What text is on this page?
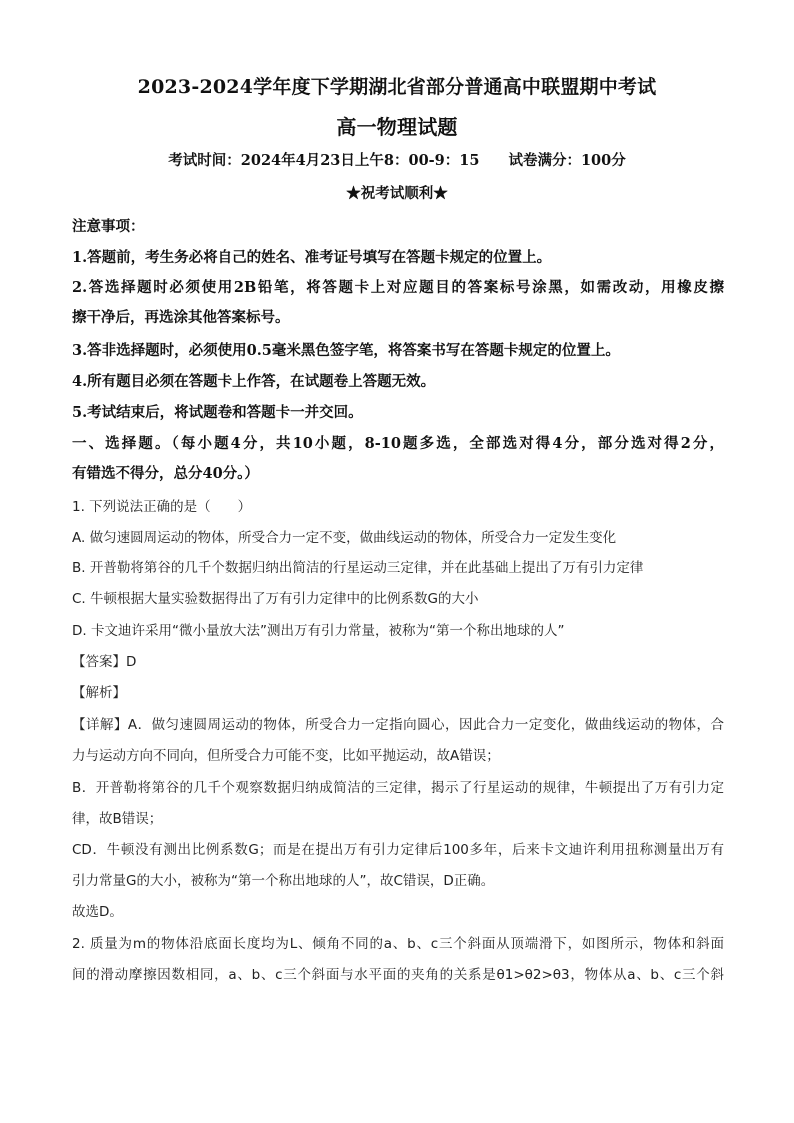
2023-2024学年度下学期湖北省部分普通高中联盟期中考试
高一物理试题
考试时间：2024年4月23日上午8：00-9：15　　试卷满分：100分
★祝考试顺利★
注意事项：
1.答题前，考生务必将自己的姓名、准考证号填写在答题卡规定的位置上。
2.答选择题时必须使用2B铅笔，将答题卡上对应题目的答案标号涂黑，如需改动，用橡皮擦
擦干净后，再选涂其他答案标号。
3.答非选择题时，必须使用0.5毫米黑色签字笔，将答案书写在答题卡规定的位置上。
4.所有题目必须在答题卡上作答，在试题卷上答题无效。
5.考试结束后，将试题卷和答题卡一并交回。
一、选择题。（每小题4分，共10小题，8-10题多选，全部选对得4分，部分选对得2分，
有错选不得分，总分40分。）
1. 下列说法正确的是（　　）
A. 做匀速圆周运动的物体，所受合力一定不变，做曲线运动的物体，所受合力一定发生变化
B. 开普勒将第谷的几千个数据归纳出简洁的行星运动三定律，并在此基础上提出了万有引力定律
C. 牛顿根据大量实验数据得出了万有引力定律中的比例系数G的大小
D. 卡文迪许采用“微小量放大法”测出万有引力常量，被称为“第一个称出地球的人”
【答案】D
【解析】
【详解】A．做匀速圆周运动的物体，所受合力一定指向圆心，因此合力一定变化，做曲线运动的物体，合
力与运动方向不同向，但所受合力可能不变，比如平抛运动，故A错误；
B．开普勒将第谷的几千个观察数据归纳成简洁的三定律，揭示了行星运动的规律，牛顿提出了万有引力定
律，故B错误；
CD．牛顿没有测出比例系数G；而是在提出万有引力定律后100多年，后来卡文迪许利用扭称测量出万有
引力常量G的大小，被称为“第一个称出地球的人”，故C错误，D正确。
故选D。
2. 质量为m的物体沿底面长度均为L、倾角不同的a、b、c三个斜面从顶端滑下，如图所示，物体和斜面
间的滑动摩擦因数相同，a、b、c三个斜面与水平面的夹角的关系是θ1>θ2>θ3，物体从a、b、c三个斜
